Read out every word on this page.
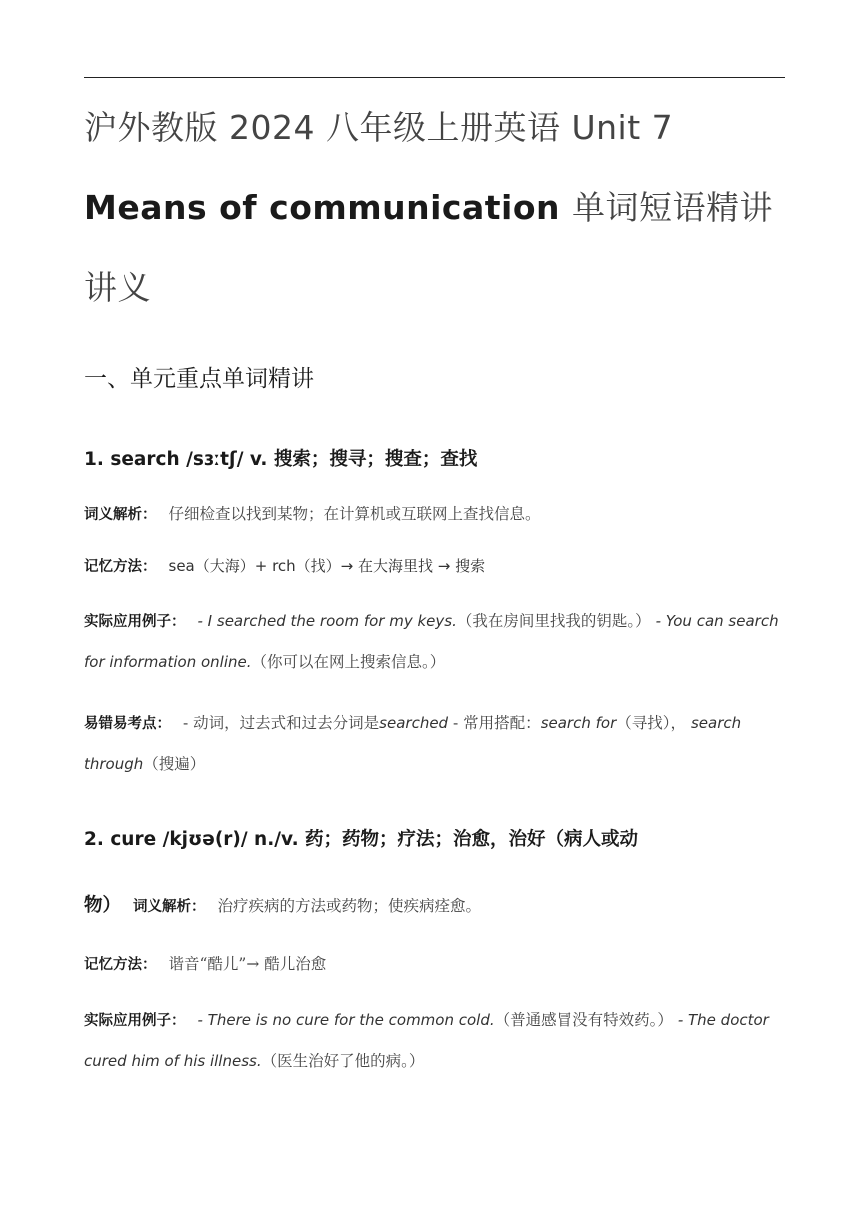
沪外教版 2024 八年级上册英语 Unit 7
Means of communication 单词短语精讲
讲义
一、单元重点单词精讲
1. search /sɜːtʃ/ v. 搜索；搜寻；搜查；查找

词义解析： 仔细检查以找到某物；在计算机或互联网上查找信息。

记忆方法： sea（大海）+ rch（找）→ 在大海里找 → 搜索

实际应用例子： - I searched the room for my keys.（我在房间里找我的钥匙。） - You can search for information online.（你可以在网上搜索信息。）

易错易考点： - 动词，过去式和过去分词是searched - 常用搭配：search for（寻找）， search through（搜遍）

2. cure /kjʊə(r)/ n./v. 药；药物；疗法；治愈，治好（病人或动

物） 词义解析： 治疗疾病的方法或药物；使疾病痊愈。

记忆方法： 谐音“酷儿”→ 酷儿治愈

实际应用例子： - There is no cure for the common cold.（普通感冒没有特效药。） - The doctor cured him of his illness.（医生治好了他的病。）
